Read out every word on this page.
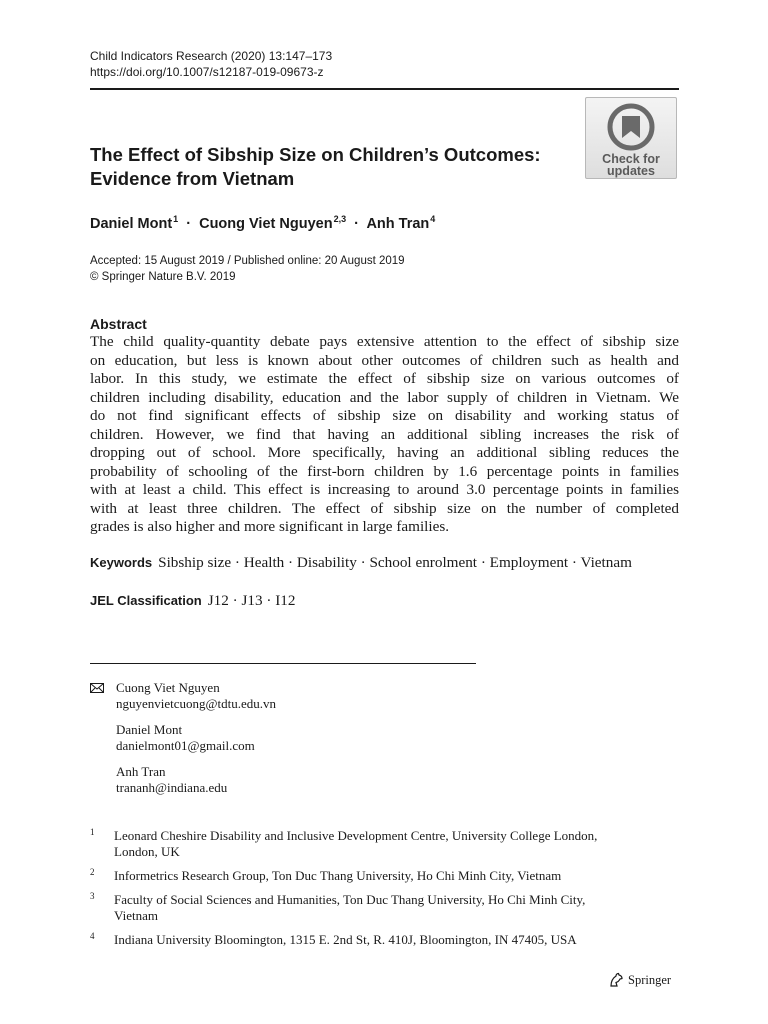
Child Indicators Research (2020) 13:147–173
https://doi.org/10.1007/s12187-019-09673-z
Check for
updates
The Effect of Sibship Size on Children’s Outcomes:
Evidence from Vietnam
Daniel Mont$^1$ · Cuong Viet Nguyen$^{2,3}$ · Anh Tran$^4$
Accepted: 15 August 2019 / Published online: 20 August 2019
© Springer Nature B.V. 2019
Abstract
The child quality-quantity debate pays extensive attention to the effect of sibship size
on education, but less is known about other outcomes of children such as health and
labor. In this study, we estimate the effect of sibship size on various outcomes of
children including disability, education and the labor supply of children in Vietnam. We
do not find significant effects of sibship size on disability and working status of
children. However, we find that having an additional sibling increases the risk of
dropping out of school. More specifically, having an additional sibling reduces the
probability of schooling of the first-born children by 1.6 percentage points in families
with at least a child. This effect is increasing to around 3.0 percentage points in families
with at least three children. The effect of sibship size on the number of completed
grades is also higher and more significant in large families.
Keywords Sibship size · Health · Disability · School enrolment · Employment · Vietnam
JEL Classification J12 · J13 · I12
Cuong Viet Nguyen
nguyenvietcuong@tdtu.edu.vn
Daniel Mont
danielmont01@gmail.com
Anh Tran
trananh@indiana.edu
1 Leonard Cheshire Disability and Inclusive Development Centre, University College London,
London, UK
2 Informetrics Research Group, Ton Duc Thang University, Ho Chi Minh City, Vietnam
3 Faculty of Social Sciences and Humanities, Ton Duc Thang University, Ho Chi Minh City,
Vietnam
4 Indiana University Bloomington, 1315 E. 2nd St, R. 410J, Bloomington, IN 47405, USA
Springer
